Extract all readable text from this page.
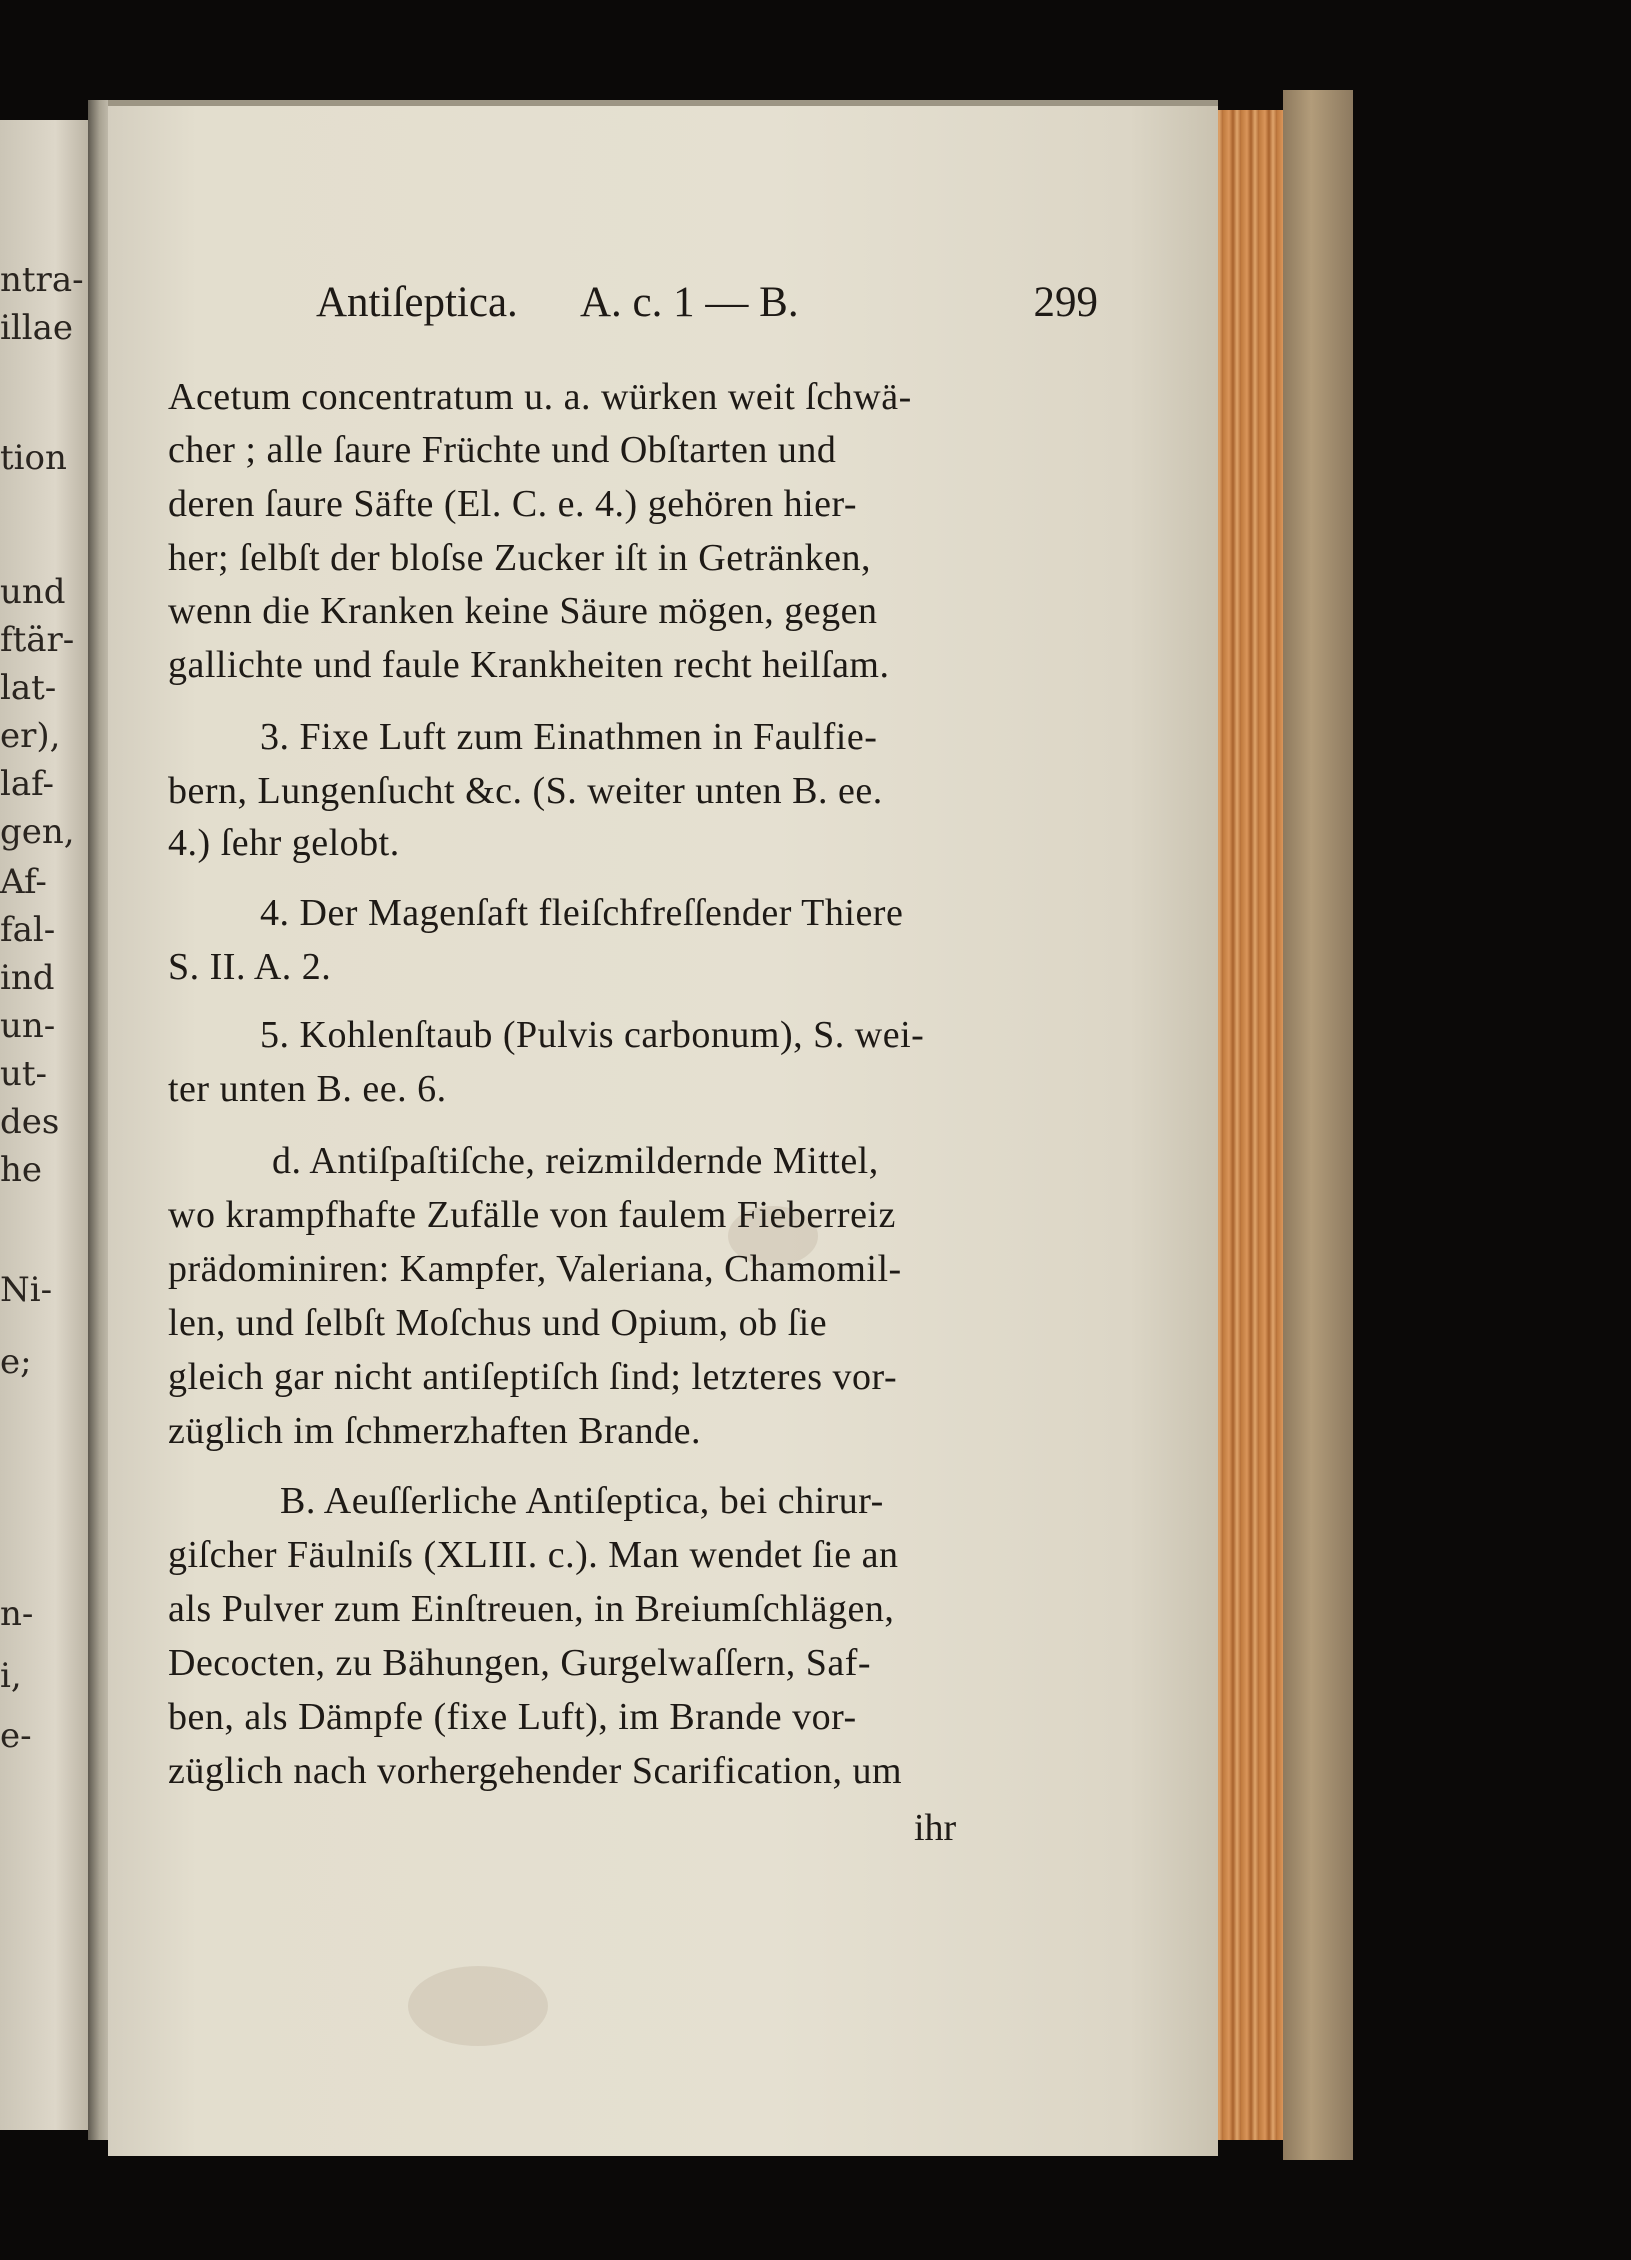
ntra-
illae
tion
und
ftär-
lat-
er),
laf-
gen,
Af-
fal-
ind
un-
ut-
des
he
Ni-
e;
n-
i,
e-
Antiſeptica. A. c. 1 — B.	299
Acetum concentratum u. a. würken weit ſchwä-
cher ; alle ſaure Früchte und Obſtarten und
deren ſaure Säfte (El. C. e. 4.) gehören hier-
her; ſelbſt der bloſse Zucker iſt in Getränken,
wenn die Kranken keine Säure mögen, gegen
gallichte und faule Krankheiten recht heilſam.
3. Fixe Luft zum Einathmen in Faulfie-
bern, Lungenſucht &c. (S. weiter unten B. ee.
4.) ſehr gelobt.
4. Der Magenſaft fleiſchfreſſender Thiere
S. II. A. 2.
5. Kohlenſtaub (Pulvis carbonum), S. wei-
ter unten B. ee. 6.
d. Antiſpaſtiſche, reizmildernde Mittel,
wo krampfhafte Zufälle von faulem Fieberreiz
prädominiren: Kampfer, Valeriana, Chamomil-
len, und ſelbſt Moſchus und Opium, ob ſie
gleich gar nicht antiſeptiſch ſind; letzteres vor-
züglich im ſchmerzhaften Brande.
B. Aeuſſerliche Antiſeptica, bei chirur-
giſcher Fäulniſs (XLIII. c.). Man wendet ſie an
als Pulver zum Einſtreuen, in Breiumſchlägen,
Decocten, zu Bähungen, Gurgelwaſſern, Saf-
ben, als Dämpfe (fixe Luft), im Brande vor-
züglich nach vorhergehender Scarification, um
ihr
